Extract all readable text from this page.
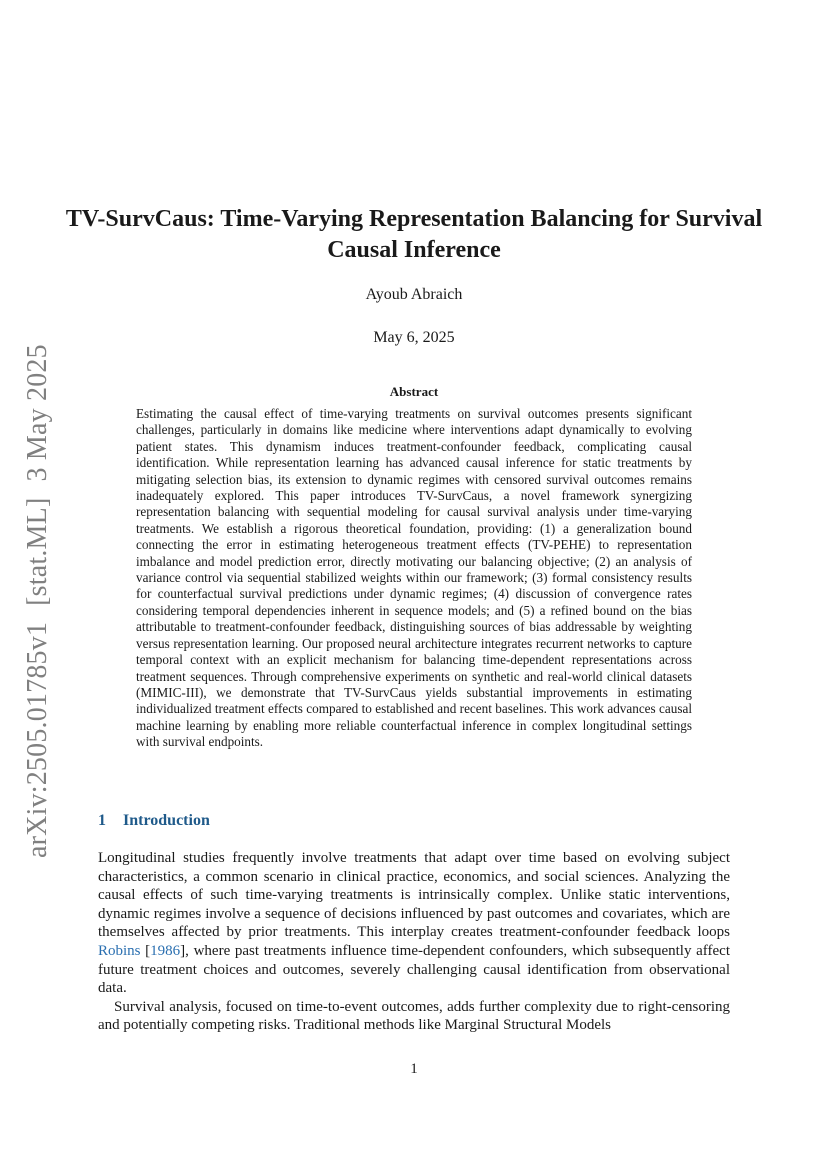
arXiv:2505.01785v1[stat.ML]3 May 2025
TV-SurvCaus: Time-Varying Representation Balancing for Survival Causal Inference
Ayoub Abraich
May 6, 2025
Abstract
Estimating the causal effect of time-varying treatments on survival outcomes presents significant challenges, particularly in domains like medicine where interventions adapt dynamically to evolving patient states. This dynamism induces treatment-confounder feedback, complicating causal identification. While representation learning has advanced causal inference for static treatments by mitigating selection bias, its extension to dynamic regimes with censored survival outcomes remains inadequately explored. This paper introduces TV-SurvCaus, a novel framework synergizing representation balancing with sequential modeling for causal survival analysis under time-varying treatments. We establish a rigorous theoretical foundation, providing: (1) a generalization bound connecting the error in estimating heterogeneous treatment effects (TV-PEHE) to representation imbalance and model prediction error, directly motivating our balancing objective; (2) an analysis of variance control via sequential stabilized weights within our framework; (3) formal consistency results for counterfactual survival predictions under dynamic regimes; (4) discussion of convergence rates considering temporal dependencies inherent in sequence models; and (5) a refined bound on the bias attributable to treatment-confounder feedback, distinguishing sources of bias addressable by weighting versus representation learning. Our proposed neural architecture integrates recurrent networks to capture temporal context with an explicit mechanism for balancing time-dependent representations across treatment sequences. Through comprehensive experiments on synthetic and real-world clinical datasets (MIMIC-III), we demonstrate that TV-SurvCaus yields substantial improvements in estimating individualized treatment effects compared to established and recent baselines. This work advances causal machine learning by enabling more reliable counterfactual inference in complex longitudinal settings with survival endpoints.
1 Introduction

Longitudinal studies frequently involve treatments that adapt over time based on evolving subject characteristics, a common scenario in clinical practice, economics, and social sciences. Analyzing the causal effects of such time-varying treatments is intrinsically complex. Unlike static interventions, dynamic regimes involve a sequence of decisions influenced by past outcomes and covariates, which are themselves affected by prior treatments. This interplay creates treatment-confounder feedback loops Robins [1986], where past treatments influence time-dependent confounders, which subsequently affect future treatment choices and outcomes, severely challenging causal identification from observational data.

Survival analysis, focused on time-to-event outcomes, adds further complexity due to right-censoring and potentially competing risks. Traditional methods like Marginal Structural Models

1
